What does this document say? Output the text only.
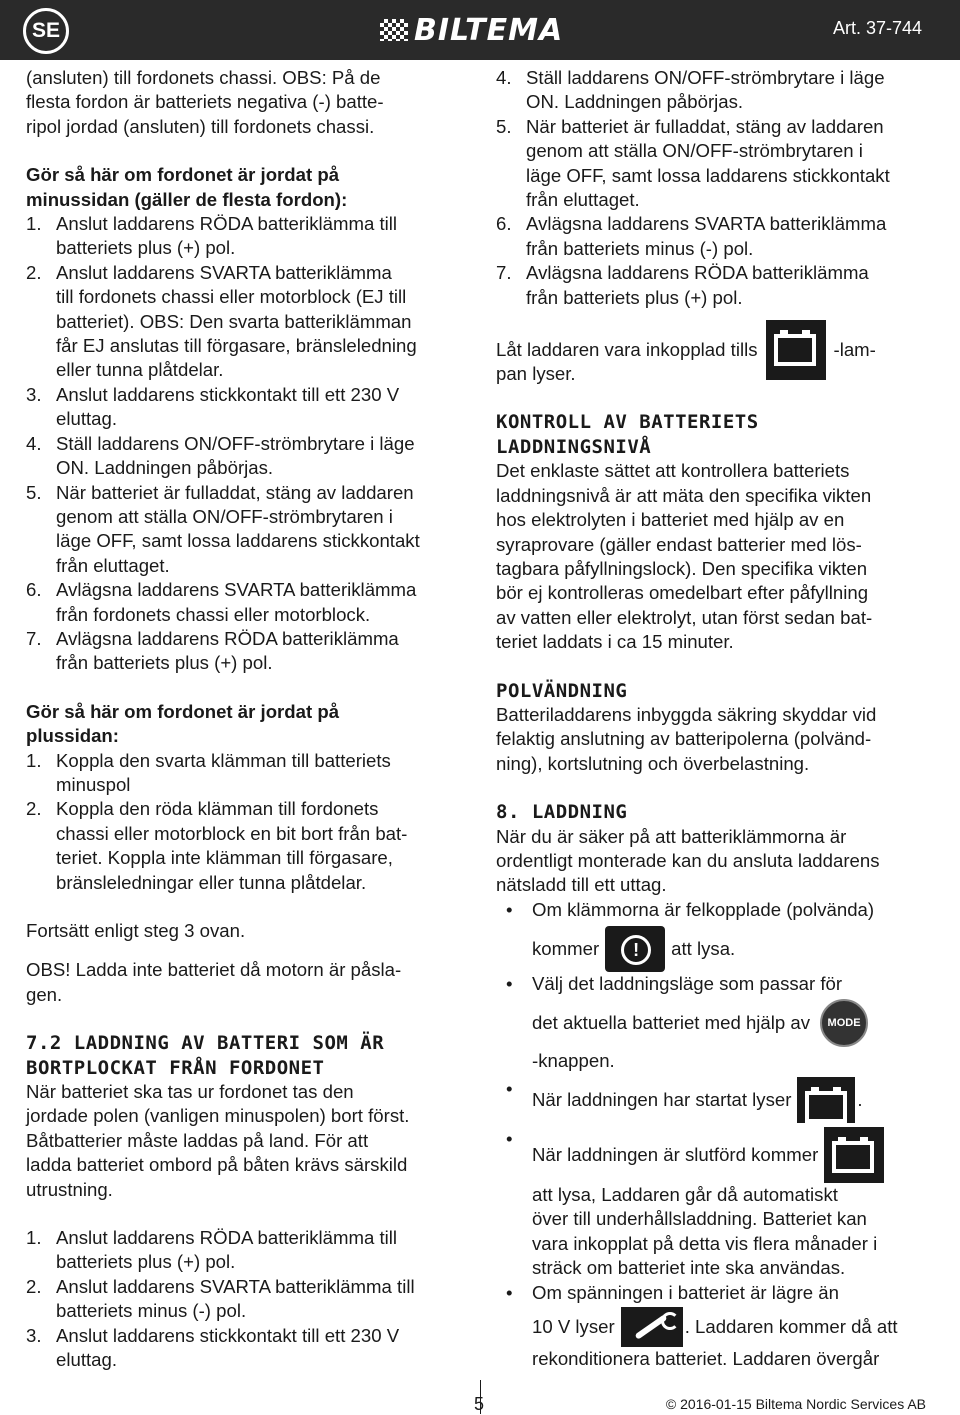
SE	BILTEMA	Art. 37-744

(ansluten) till fordonets chassi. OBS: På de
flesta fordon är batteriets negativa (-) batte-
ripol jordad (ansluten) till fordonets chassi.

Gör så här om fordonet är jordat på
minussidan (gäller de flesta fordon):

1. Anslut laddarens RÖDA batteriklämma till
batteriets plus (+) pol.
2. Anslut laddarens SVARTA batteriklämma
till fordonets chassi eller motorblock (EJ till
batteriet). OBS: Den svarta batteriklämman
får EJ anslutas till förgasare, bränsleledning
eller tunna plåtdelar.
3. Anslut laddarens stickkontakt till ett 230 V
eluttag.
4. Ställ laddarens ON/OFF-strömbrytare i läge
ON. Laddningen påbörjas.
5. När batteriet är fulladdat, stäng av laddaren
genom att ställa ON/OFF-strömbrytaren i
läge OFF, samt lossa laddarens stickkontakt
från eluttaget.
6. Avlägsna laddarens SVARTA batteriklämma
från fordonets chassi eller motorblock.
7. Avlägsna laddarens RÖDA batteriklämma
från batteriets plus (+) pol.

Gör så här om fordonet är jordat på
plussidan:

1. Koppla den svarta klämman till batteriets
minuspol
2. Koppla den röda klämman till fordonets
chassi eller motorblock en bit bort från bat-
teriet. Koppla inte klämman till förgasare,
bränsleledningar eller tunna plåtdelar.

Fortsätt enligt steg 3 ovan.

OBS! Ladda inte batteriet då motorn är påsla-
gen.

7.2 LADDNING AV BATTERI SOM ÄR
BORTPLOCKAT FRÅN FORDONET

När batteriet ska tas ur fordonet tas den
jordade polen (vanligen minuspolen) bort först.
Båtbatterier måste laddas på land. För att
ladda batteriet ombord på båten krävs särskild
utrustning.

1. Anslut laddarens RÖDA batteriklämma till
batteriets plus (+) pol.
2. Anslut laddarens SVARTA batteriklämma till
batteriets minus (-) pol.
3. Anslut laddarens stickkontakt till ett 230 V
eluttag.
4. Ställ laddarens ON/OFF-strömbrytare i läge
ON. Laddningen påbörjas.
5. När batteriet är fulladdat, stäng av laddaren
genom att ställa ON/OFF-strömbrytaren i
läge OFF, samt lossa laddarens stickkontakt
från eluttaget.
6. Avlägsna laddarens SVARTA batteriklämma
från batteriets minus (-) pol.
7. Avlägsna laddarens RÖDA batteriklämma
från batteriets plus (+) pol.
Låt laddaren vara inkopplad tills	-lam-

pan lyser.

KONTROLL AV BATTERIETS
LADDNINGSNIVÅ

Det enklaste sättet att kontrollera batteriets
laddningsnivå är att mäta den specifika vikten
hos elektrolyten i batteriet med hjälp av en
syraprovare (gäller endast batterier med lös-
tagbara påfyllningslock). Den specifika vikten
bör ej kontrolleras omedelbart efter påfyllning
av vatten eller elektrolyt, utan först sedan bat-
teriet laddats i ca 15 minuter.

POLVÄNDNING

Batteriladdarens inbyggda säkring skyddar vid
felaktig anslutning av batteripolerna (polvänd-
ning), kortslutning och överbelastning.

8. LADDNING

När du är säker på att batteriklämmorna är
ordentligt monterade kan du ansluta laddarens
nätsladd till ett uttag.

• Om klämmorna är felkopplade (polvända)
kommer	!	att lysa.
• Välj det laddningsläge som passar för
det aktuella batteriet med hjälp av	MODE
-knappen.
• När laddningen har startat lyser	.
• När laddningen är slutförd kommer
att lysa, Laddaren går då automatiskt
över till underhållsladdning. Batteriet kan
vara inkopplat på detta vis flera månader i
sträck om batteriet inte ska användas.
• Om spänningen i batteriet är lägre än
10 V lyser	. Laddaren kommer då att
rekonditionera batteriet. Laddaren övergår
5	© 2016-01-15 Biltema Nordic Services AB
